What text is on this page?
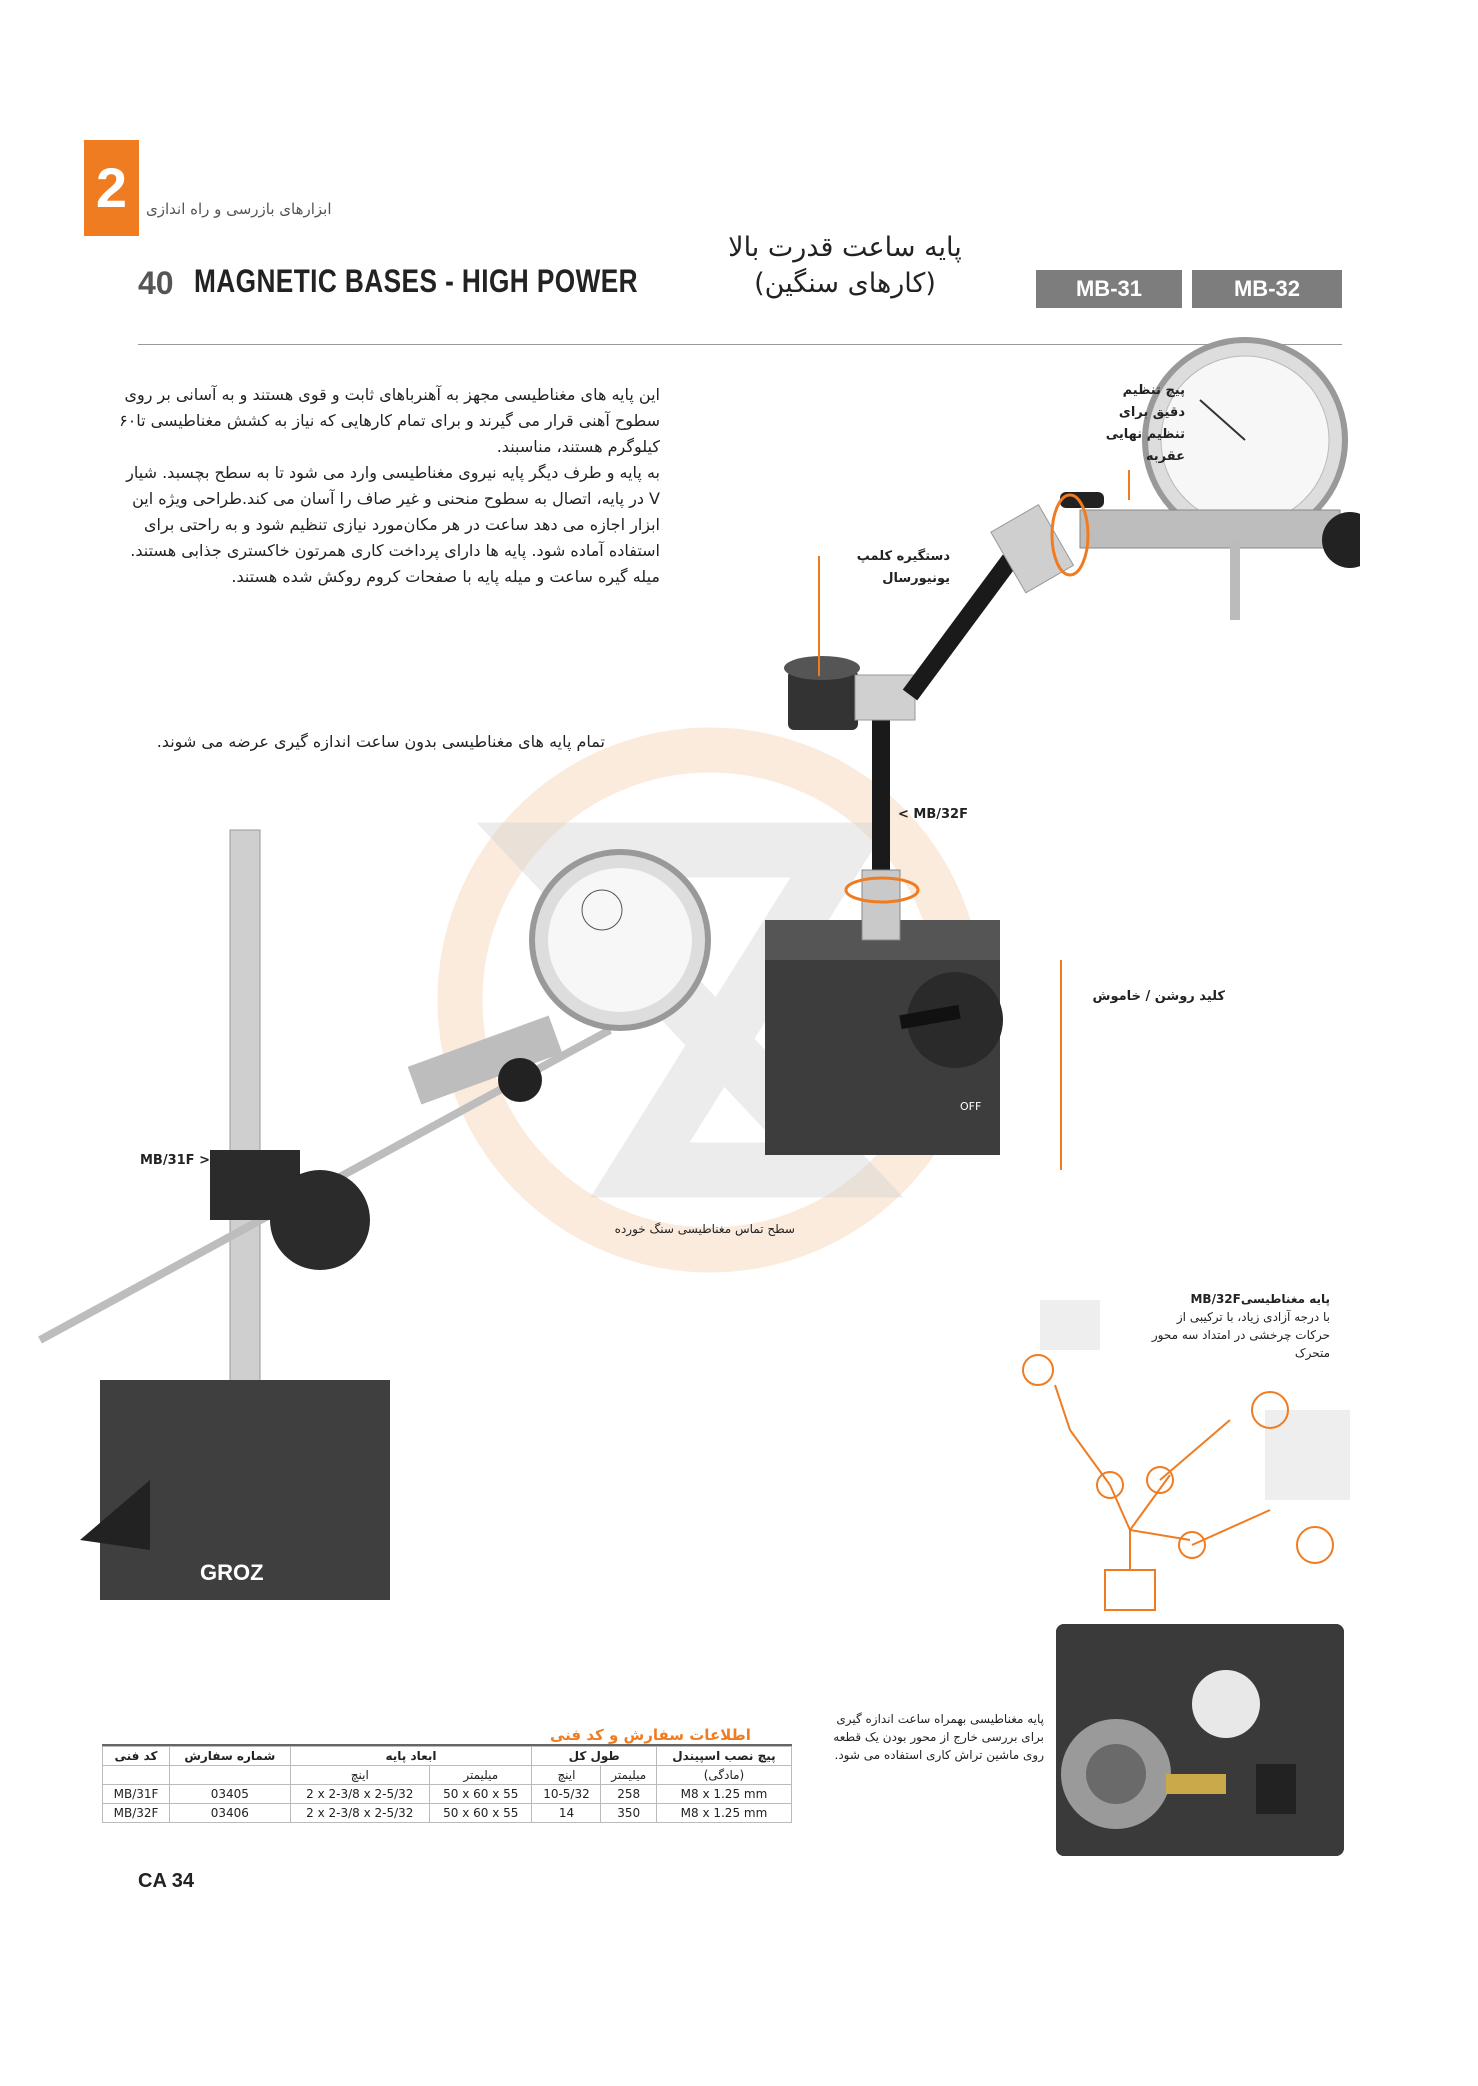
2	ابزارهای بازرسی و راه اندازی
40 MAGNETIC BASES - HIGH POWER
پایه ساعت قدرت بالا
(کارهای سنگین)	MB-31	MB-32
این پایه های مغناطیسی مجهز به آهنرباهای ثابت و قوی هستند و به آسانی بر روی
سطوح آهنی قرار می گیرند و برای تمام کارهایی که نیاز به کشش مغناطیسی تا۶۰
کیلوگرم هستند، مناسبند.
به پایه و طرف دیگر پایه نیروی مغناطیسی وارد می شود تا به سطح بچسبد. شیار
V در پایه، اتصال به سطوح منحنی و غیر صاف را آسان می کند.طراحی ویژه این
ابزار اجازه می دهد ساعت در هر مکان‌مورد نیازی تنظیم شود و به راحتی برای
استفاده آماده شود. پایه ها دارای پرداخت کاری همرتون خاکستری جذابی هستند.
میله گیره ساعت و میله پایه با صفحات کروم روکش شده هستند.
تمام پایه های مغناطیسی بدون ساعت اندازه گیری عرضه می شوند.
پیچ تنظیم
دقیق برای
تنظیم نهایی
عقربه
دستگیره کلمپ
یونیورسال
< MB/32F
کلید روشن / خاموش
GROZ
OFF
MB/31F >
سطح تماس مغناطیسی سنگ خورده
پایه مغناطیسیMB/32F
با درجه آزادی زیاد، با ترکیبی از
حرکات چرخشی در امتداد سه محور
متحرک
پایه مغناطیسی بهمراه ساعت اندازه گیری
برای بررسی خارج از محور بودن یک قطعه
روی ماشین تراش کاری استفاده می شود.
اطلاعات سفارش و کد فنی
کد فنی	شماره سفارش	ابعاد پایه		طول کل		پیچ نصب اسپیندل
		اینچ	میلیمتر	اینچ	میلیمتر	(مادگی)
MB/31F	03405	2 x 2-3/8 x 2-5/32	50 x 60 x 55	10-5/32	258	M8 x 1.25 mm
MB/32F	03406	2 x 2-3/8 x 2-5/32	50 x 60 x 55	14	350	M8 x 1.25 mm
CA 34
